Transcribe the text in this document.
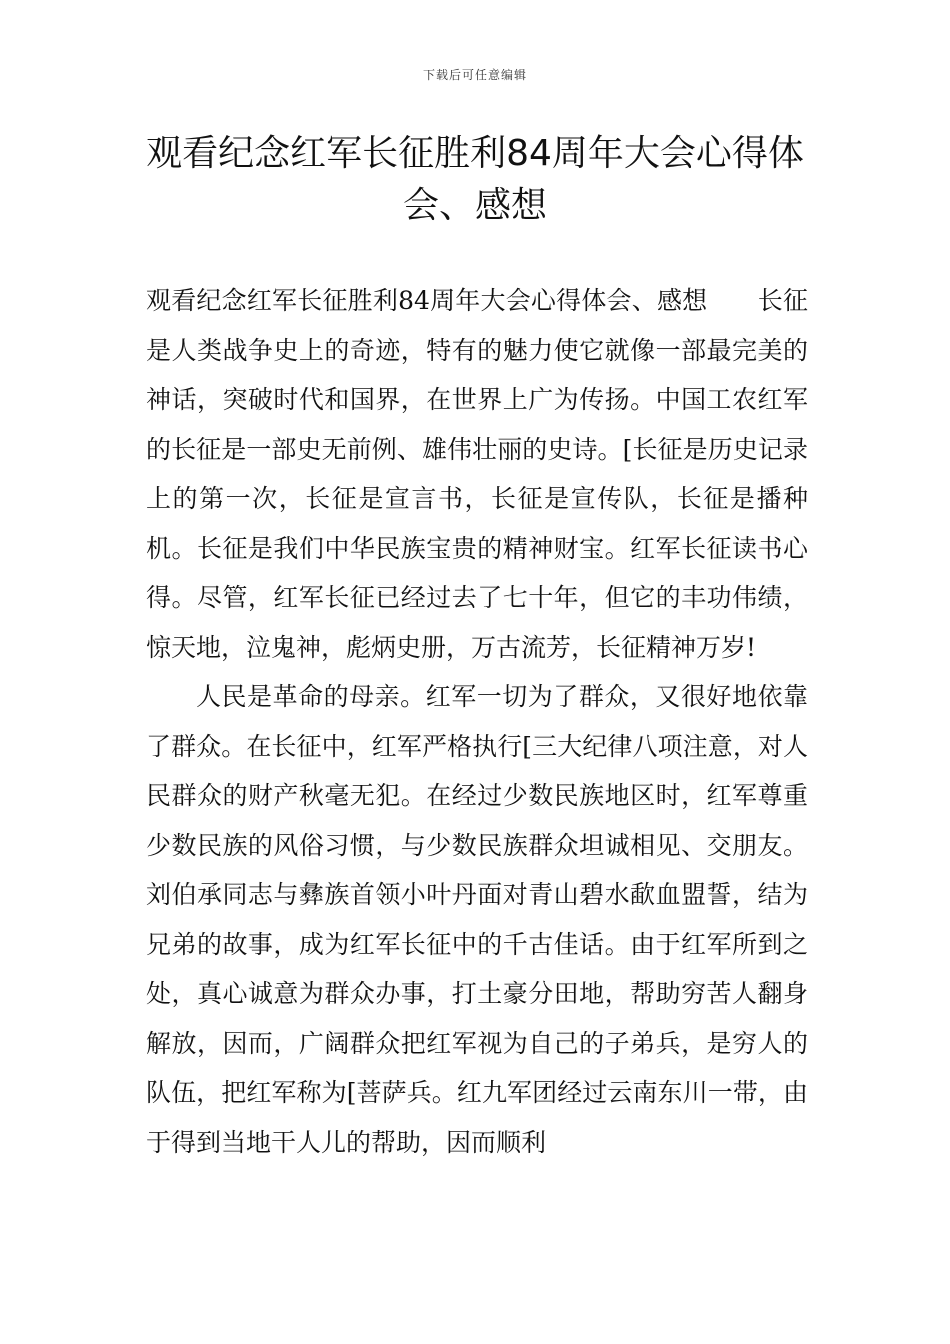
下载后可任意编辑
观看纪念红军长征胜利84周年大会心得体会、感想

观看纪念红军长征胜利84周年大会心得体会、感想　　长征是人类战争史上的奇迹，特有的魅力使它就像一部最完美的神话，突破时代和国界，在世界上广为传扬。中国工农红军的长征是一部史无前例、雄伟壮丽的史诗。[长征是历史记录上的第一次，长征是宣言书，长征是宣传队，长征是播种机。长征是我们中华民族宝贵的精神财宝。红军长征读书心得。尽管，红军长征已经过去了七十年，但它的丰功伟绩，惊天地，泣鬼神，彪炳史册，万古流芳，长征精神万岁!

人民是革命的母亲。红军一切为了群众，又很好地依靠了群众。在长征中，红军严格执行[三大纪律八项注意，对人民群众的财产秋毫无犯。在经过少数民族地区时，红军尊重少数民族的风俗习惯，与少数民族群众坦诚相见、交朋友。刘伯承同志与彝族首领小叶丹面对青山碧水歃血盟誓，结为兄弟的故事，成为红军长征中的千古佳话。由于红军所到之处，真心诚意为群众办事，打土豪分田地，帮助穷苦人翻身解放，因而，广阔群众把红军视为自己的子弟兵，是穷人的队伍，把红军称为[菩萨兵。红九军团经过云南东川一带，由于得到当地干人儿的帮助，因而顺利
